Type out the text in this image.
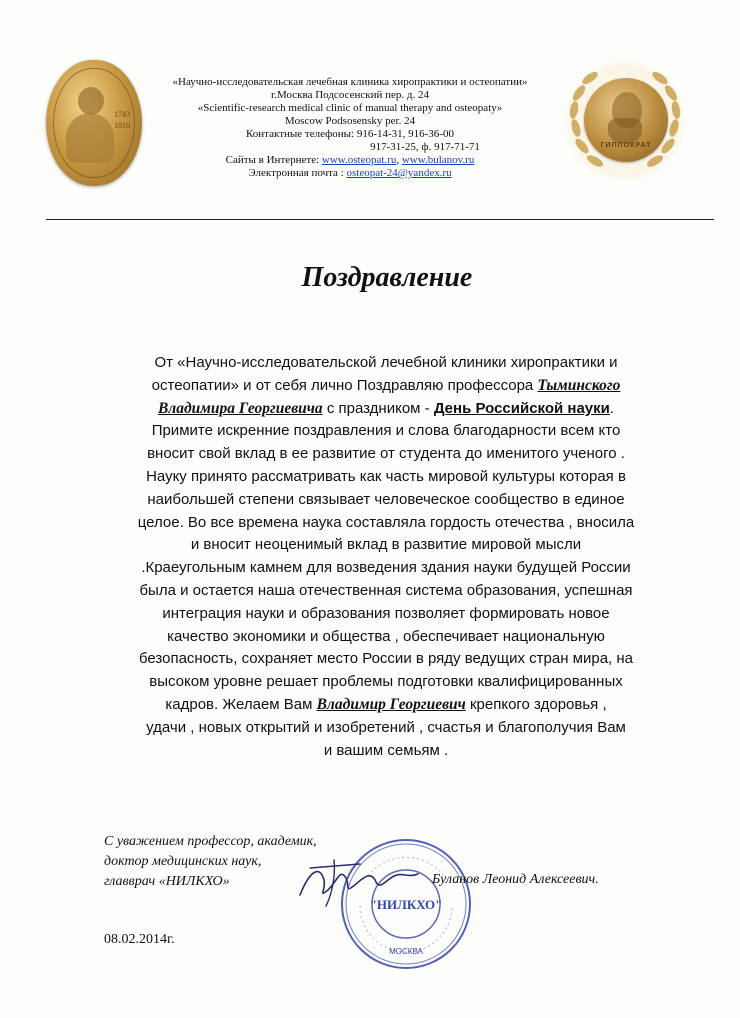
1743 1810
«Научно-исследовательская лечебная клиника хиропрактики и остеопатии»
г.Москва Подсосенский пер. д. 24
«Scientific-research medical clinic of manual therapy and osteopaty»
Moscow Podsosensky per. 24
Контактные телефоны: 916-14-31, 916-36-00
917-31-25, ф. 917-71-71
Сайты в Интернете: www.osteopat.ru, www.bulanov.ru
Электронная почта : osteopat-24@yandex.ru
ГИППОКРАТ
Поздравление
От «Научно-исследовательской лечебной клиники хиропрактики и
остеопатии» и от себя лично Поздравляю профессора Тыминского
Владимира Георгиевича с праздником - День Российской науки.
Примите искренние поздравления и слова благодарности всем кто
вносит свой вклад в ее развитие от студента до именитого ученого .
Науку принято рассматривать как часть мировой культуры которая в
наибольшей степени связывает человеческое сообщество в единое
целое. Во все времена наука составляла гордость отечества , вносила
и вносит неоценимый вклад в развитие мировой мысли
.Краеугольным камнем для возведения здания науки будущей России
была и остается наша отечественная система образования, успешная
интеграция науки и образования позволяет формировать новое
качество экономики и общества , обеспечивает национальную
безопасность, сохраняет место России в ряду ведущих стран мира, на
высоком уровне решает проблемы подготовки квалифицированных
кадров. Желаем Вам Владимир Георгиевич крепкого здоровья ,
удачи , новых открытий и изобретений , счастья и благополучия Вам
и вашим семьям .
С уважением профессор, академик,
доктор медицинских наук,
главврач «НИЛКХО»
"НИЛКХО"
МОСКВА
Буланов Леонид Алексеевич.
08.02.2014г.
